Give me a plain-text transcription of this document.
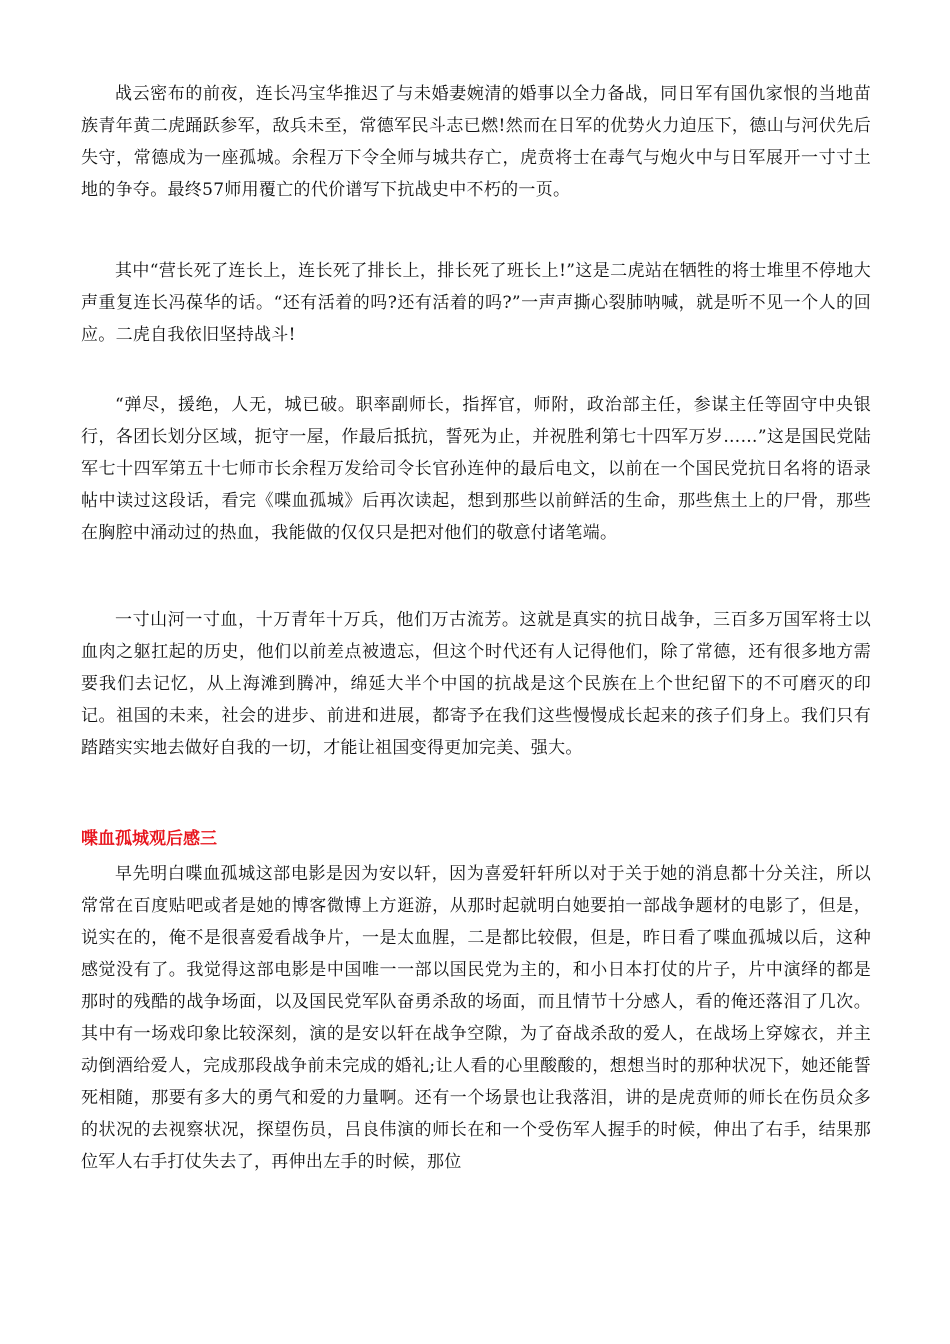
战云密布的前夜，连长冯宝华推迟了与未婚妻婉清的婚事以全力备战，同日军有国仇家恨的当地苗族青年黄二虎踊跃参军，敌兵未至，常德军民斗志已燃!然而在日军的优势火力迫压下，德山与河伏先后失守，常德成为一座孤城。余程万下令全师与城共存亡，虎贲将士在毒气与炮火中与日军展开一寸寸土地的争夺。最终57师用覆亡的代价谱写下抗战史中不朽的一页。

其中“营长死了连长上，连长死了排长上，排长死了班长上!”这是二虎站在牺牲的将士堆里不停地大声重复连长冯葆华的话。“还有活着的吗?还有活着的吗?”一声声撕心裂肺呐喊，就是听不见一个人的回应。二虎自我依旧坚持战斗!

“弹尽，援绝，人无，城已破。职率副师长，指挥官，师附，政治部主任，参谋主任等固守中央银行，各团长划分区域，扼守一屋，作最后抵抗，誓死为止，并祝胜利第七十四军万岁……”这是国民党陆军七十四军第五十七师市长余程万发给司令长官孙连仲的最后电文，以前在一个国民党抗日名将的语录帖中读过这段话，看完《喋血孤城》后再次读起，想到那些以前鲜活的生命，那些焦土上的尸骨，那些在胸腔中涌动过的热血，我能做的仅仅只是把对他们的敬意付诸笔端。

一寸山河一寸血，十万青年十万兵，他们万古流芳。这就是真实的抗日战争，三百多万国军将士以血肉之躯扛起的历史，他们以前差点被遗忘，但这个时代还有人记得他们，除了常德，还有很多地方需要我们去记忆，从上海滩到腾冲，绵延大半个中国的抗战是这个民族在上个世纪留下的不可磨灭的印记。祖国的未来，社会的进步、前进和进展，都寄予在我们这些慢慢成长起来的孩子们身上。我们只有踏踏实实地去做好自我的一切，才能让祖国变得更加完美、强大。

喋血孤城观后感三

早先明白喋血孤城这部电影是因为安以轩，因为喜爱轩轩所以对于关于她的消息都十分关注，所以常常在百度贴吧或者是她的博客微博上方逛游，从那时起就明白她要拍一部战争题材的电影了，但是，说实在的，俺不是很喜爱看战争片，一是太血腥，二是都比较假，但是，昨日看了喋血孤城以后，这种感觉没有了。我觉得这部电影是中国唯一一部以国民党为主的，和小日本打仗的片子，片中演绎的都是那时的残酷的战争场面，以及国民党军队奋勇杀敌的场面，而且情节十分感人，看的俺还落泪了几次。其中有一场戏印象比较深刻，演的是安以轩在战争空隙，为了奋战杀敌的爱人，在战场上穿嫁衣，并主动倒酒给爱人，完成那段战争前未完成的婚礼;让人看的心里酸酸的，想想当时的那种状况下，她还能誓死相随，那要有多大的勇气和爱的力量啊。还有一个场景也让我落泪，讲的是虎贲师的师长在伤员众多的状况的去视察状况，探望伤员，吕良伟演的师长在和一个受伤军人握手的时候，伸出了右手，结果那位军人右手打仗失去了，再伸出左手的时候，那位
